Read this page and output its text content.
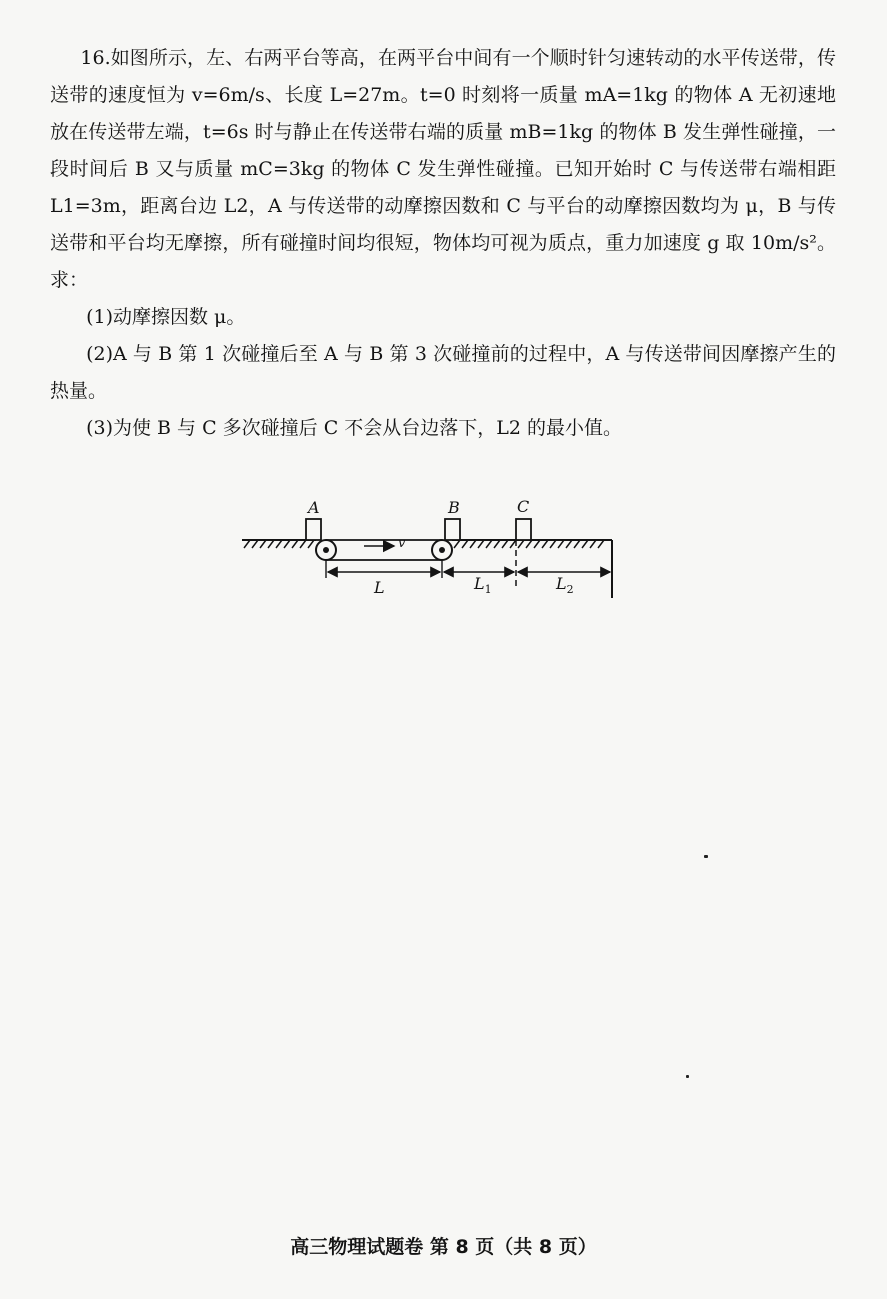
16.如图所示，左、右两平台等高，在两平台中间有一个顺时针匀速转动的水平传送带，传送带的速度恒为 v=6m/s、长度 L=27m。t=0 时刻将一质量 mA=1kg 的物体 A 无初速地放在传送带左端，t=6s 时与静止在传送带右端的质量 mB=1kg 的物体 B 发生弹性碰撞，一段时间后 B 又与质量 mC=3kg 的物体 C 发生弹性碰撞。已知开始时 C 与传送带右端相距 L1=3m，距离台边 L2，A 与传送带的动摩擦因数和 C 与平台的动摩擦因数均为 μ，B 与传送带和平台均无摩擦，所有碰撞时间均很短，物体均可视为质点，重力加速度 g 取 10m/s²。求：

(1)动摩擦因数 μ。

(2)A 与 B 第 1 次碰撞后至 A 与 B 第 3 次碰撞前的过程中，A 与传送带间因摩擦产生的热量。

(3)为使 B 与 C 多次碰撞后 C 不会从台边落下，L2 的最小值。

A	B	C
v
L	$L_1$	$L_2$
高三物理试题卷 第 8 页（共 8 页）
